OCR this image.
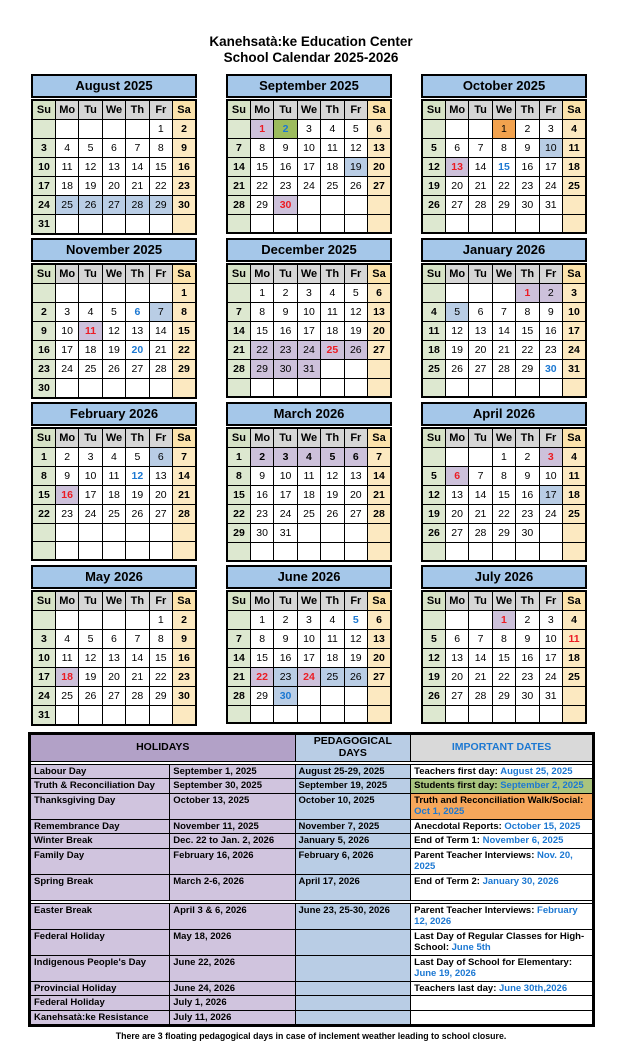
Kanehsatà:ke Education Center
School Calendar 2025-2026
August 2025
Su	Mo	Tu	We	Th	Fr	Sa
					1	2
3	4	5	6	7	8	9
10	11	12	13	14	15	16
17	18	19	20	21	22	23
24	25	26	27	28	29	30
31						
September 2025
Su	Mo	Tu	We	Th	Fr	Sa
	1	2	3	4	5	6
7	8	9	10	11	12	13
14	15	16	17	18	19	20
21	22	23	24	25	26	27
28	29	30				

October 2025
Su	Mo	Tu	We	Th	Fr	Sa
			1	2	3	4
5	6	7	8	9	10	11
12	13	14	15	16	17	18
19	20	21	22	23	24	25
26	27	28	29	30	31	

November 2025
Su	Mo	Tu	We	Th	Fr	Sa
						1
2	3	4	5	6	7	8
9	10	11	12	13	14	15
16	17	18	19	20	21	22
23	24	25	26	27	28	29
30						
December 2025
Su	Mo	Tu	We	Th	Fr	Sa
	1	2	3	4	5	6
7	8	9	10	11	12	13
14	15	16	17	18	19	20
21	22	23	24	25	26	27
28	29	30	31			

January 2026
Su	Mo	Tu	We	Th	Fr	Sa
				1	2	3
4	5	6	7	8	9	10
11	12	13	14	15	16	17
18	19	20	21	22	23	24
25	26	27	28	29	30	31

February 2026
Su	Mo	Tu	We	Th	Fr	Sa
1	2	3	4	5	6	7
8	9	10	11	12	13	14
15	16	17	18	19	20	21
22	23	24	25	26	27	28

March 2026
Su	Mo	Tu	We	Th	Fr	Sa
1	2	3	4	5	6	7
8	9	10	11	12	13	14
15	16	17	18	19	20	21
22	23	24	25	26	27	28
29	30	31				

April 2026
Su	Mo	Tu	We	Th	Fr	Sa
			1	2	3	4
5	6	7	8	9	10	11
12	13	14	15	16	17	18
19	20	21	22	23	24	25
26	27	28	29	30		

May 2026
Su	Mo	Tu	We	Th	Fr	Sa
					1	2
3	4	5	6	7	8	9
10	11	12	13	14	15	16
17	18	19	20	21	22	23
24	25	26	27	28	29	30
31						
June 2026
Su	Mo	Tu	We	Th	Fr	Sa
	1	2	3	4	5	6
7	8	9	10	11	12	13
14	15	16	17	18	19	20
21	22	23	24	25	26	27
28	29	30				

July 2026
Su	Mo	Tu	We	Th	Fr	Sa
			1	2	3	4
5	6	7	8	9	10	11
12	13	14	15	16	17	18
19	20	21	22	23	24	25
26	27	28	29	30	31	

HOLIDAYS		PEDAGOGICAL DAYS	IMPORTANT DATES

Labour Day	September 1, 2025	August 25-29, 2025	Teachers first day: August 25, 2025
Truth & Reconciliation Day	September 30, 2025	September 19, 2025	Students first day: September 2, 2025
Thanksgiving Day	October 13, 2025	October 10, 2025	Truth and Reconciliation Walk/Social: Oct 1, 2025
Remembrance Day	November 11, 2025	November 7, 2025	Anecdotal Reports: October 15, 2025
Winter Break	Dec. 22 to Jan. 2, 2026	January 5, 2026	End of Term 1: November 6, 2025
Family Day	February 16, 2026	February 6, 2026	Parent Teacher Interviews: Nov. 20, 2025
Spring Break	March 2-6, 2026	April 17, 2026	End of Term 2: January 30, 2026

Easter Break	April 3 & 6, 2026	June 23, 25-30, 2026	Parent Teacher Interviews: February 12, 2026
Federal Holiday	May 18, 2026		Last Day of Regular Classes for High-School: June 5th
Indigenous People's Day	June 22, 2026		Last Day of School for Elementary: June 19, 2026
Provincial Holiday	June 24, 2026		Teachers last day: June 30th,2026
Federal Holiday	July 1, 2026		
Kanehsatà:ke Resistance	July 11, 2026		
There are 3 floating pedagogical days in case of inclement weather leading to school closure.
